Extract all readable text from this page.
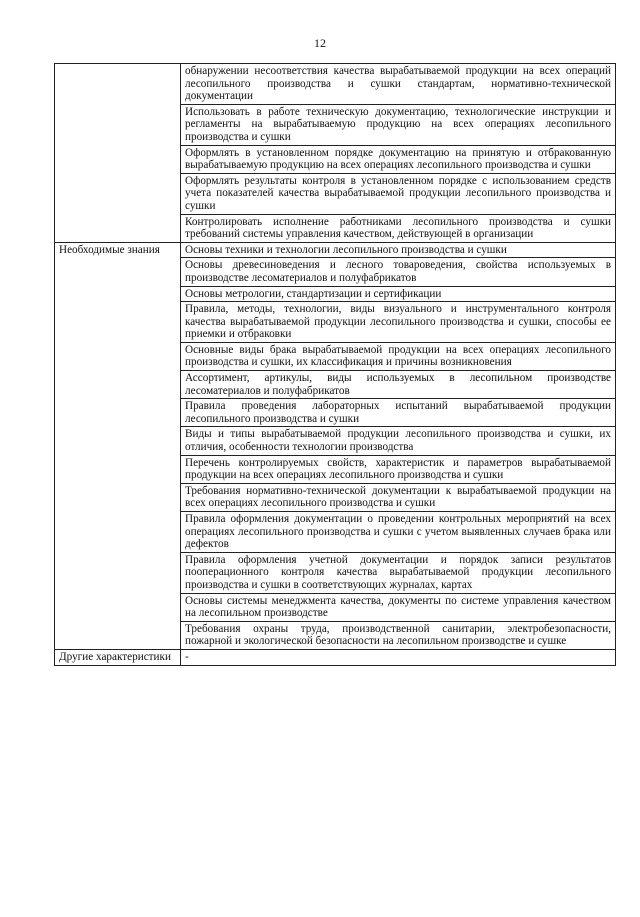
12
	обнаружении несоответствия качества вырабатываемой продукции на всех операций лесопильного производства и сушки стандартам, нормативно-технической документации
	Использовать в работе техническую документацию, технологические инструкции и регламенты на вырабатываемую продукцию на всех операциях лесопильного производства и сушки
	Оформлять в установленном порядке документацию на принятую и отбракованную вырабатываемую продукцию на всех операциях лесопильного производства и сушки
	Оформлять результаты контроля в установленном порядке с использованием средств учета показателей качества вырабатываемой продукции лесопильного производства и сушки
	Контролировать исполнение работниками лесопильного производства и сушки требований системы управления качеством, действующей в организации
Необходимые знания	Основы техники и технологии лесопильного производства и сушки
	Основы древесиноведения и лесного товароведения, свойства используемых в производстве лесоматериалов и полуфабрикатов
	Основы метрологии, стандартизации и сертификации
	Правила, методы, технологии, виды визуального и инструментального контроля качества вырабатываемой продукции лесопильного производства и сушки, способы ее приемки и отбраковки
	Основные виды брака вырабатываемой продукции на всех операциях лесопильного производства и сушки, их классификация и причины возникновения
	Ассортимент, артикулы, виды используемых в лесопильном производстве лесоматериалов и полуфабрикатов
	Правила проведения лабораторных испытаний вырабатываемой продукции лесопильного производства и сушки
	Виды и типы вырабатываемой продукции лесопильного производства и сушки, их отличия, особенности технологии производства
	Перечень контролируемых свойств, характеристик и параметров вырабатываемой продукции на всех операциях лесопильного производства и сушки
	Требования нормативно-технической документации к вырабатываемой продукции на всех операциях лесопильного производства и сушки
	Правила оформления документации о проведении контрольных мероприятий на всех операциях лесопильного производства и сушки с учетом выявленных случаев брака или дефектов
	Правила оформления учетной документации и порядок записи результатов пооперационного контроля качества вырабатываемой продукции лесопильного производства и сушки в соответствующих журналах, картах
	Основы системы менеджмента качества, документы по системе управления качеством на лесопильном производстве
	Требования охраны труда, производственной санитарии, электробезопасности, пожарной и экологической безопасности на лесопильном производстве и сушке
Другие характеристики	-
